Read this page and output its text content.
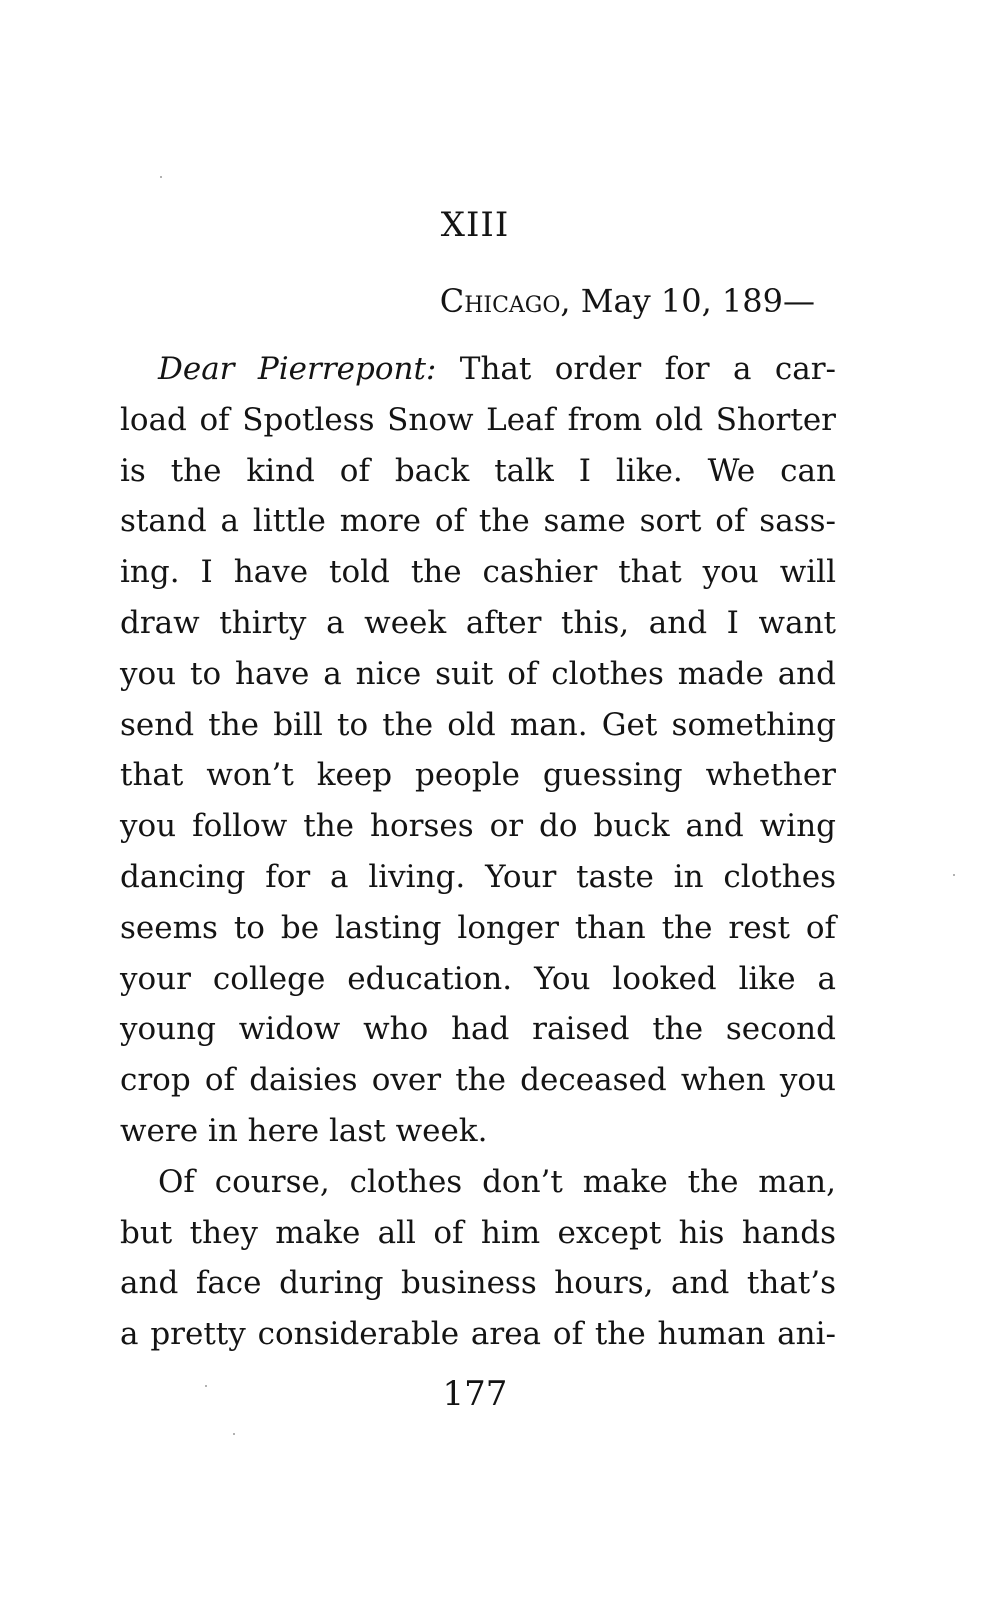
XIII
Chicago, May 10, 189—
Dear Pierrepont: That order for a car-
load of Spotless Snow Leaf from old Shorter
is the kind of back talk I like. We can
stand a little more of the same sort of sass-
ing. I have told the cashier that you will
draw thirty a week after this, and I want
you to have a nice suit of clothes made and
send the bill to the old man. Get something
that won’t keep people guessing whether
you follow the horses or do buck and wing
dancing for a living. Your taste in clothes
seems to be lasting longer than the rest of
your college education. You looked like a
young widow who had raised the second
crop of daisies over the deceased when you
were in here last week.
Of course, clothes don’t make the man,
but they make all of him except his hands
and face during business hours, and that’s
a pretty considerable area of the human ani-
177
